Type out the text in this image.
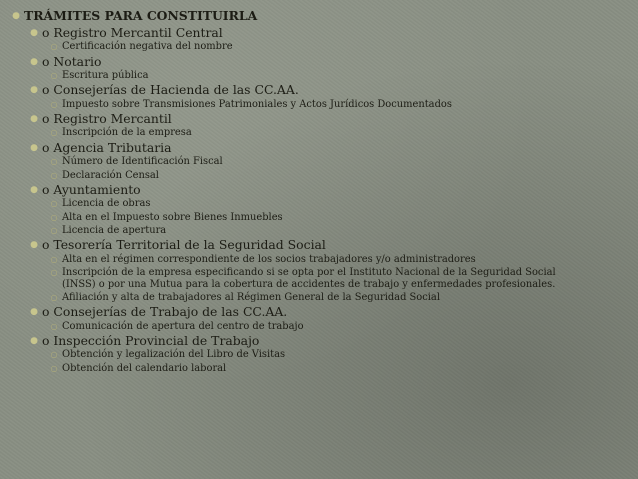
● TRÁMITES PARA CONSTITUIRLA
● o Registro Mercantil Central
○ Certificación negativa del nombre
● o Notario
○ Escritura pública
● o Consejerías de Hacienda de las CC.AA.
○ Impuesto sobre Transmisiones Patrimoniales y Actos Jurídicos Documentados
● o Registro Mercantil
○ Inscripción de la empresa
● o Agencia Tributaria
○ Número de Identificación Fiscal
○ Declaración Censal
● o Ayuntamiento
○ Licencia de obras
○ Alta en el Impuesto sobre Bienes Inmuebles
○ Licencia de apertura
● o Tesorería Territorial de la Seguridad Social
○ Alta en el régimen correspondiente de los socios trabajadores y/o administradores
○ Inscripción de la empresa especificando si se opta por el Instituto Nacional de la Seguridad Social (INSS) o por una Mutua para la cobertura de accidentes de trabajo y enfermedades profesionales.
○ Afiliación y alta de trabajadores al Régimen General de la Seguridad Social
● o Consejerías de Trabajo de las CC.AA.
○ Comunicación de apertura del centro de trabajo
● o Inspección Provincial de Trabajo
○ Obtención y legalización del Libro de Visitas
○ Obtención del calendario laboral
